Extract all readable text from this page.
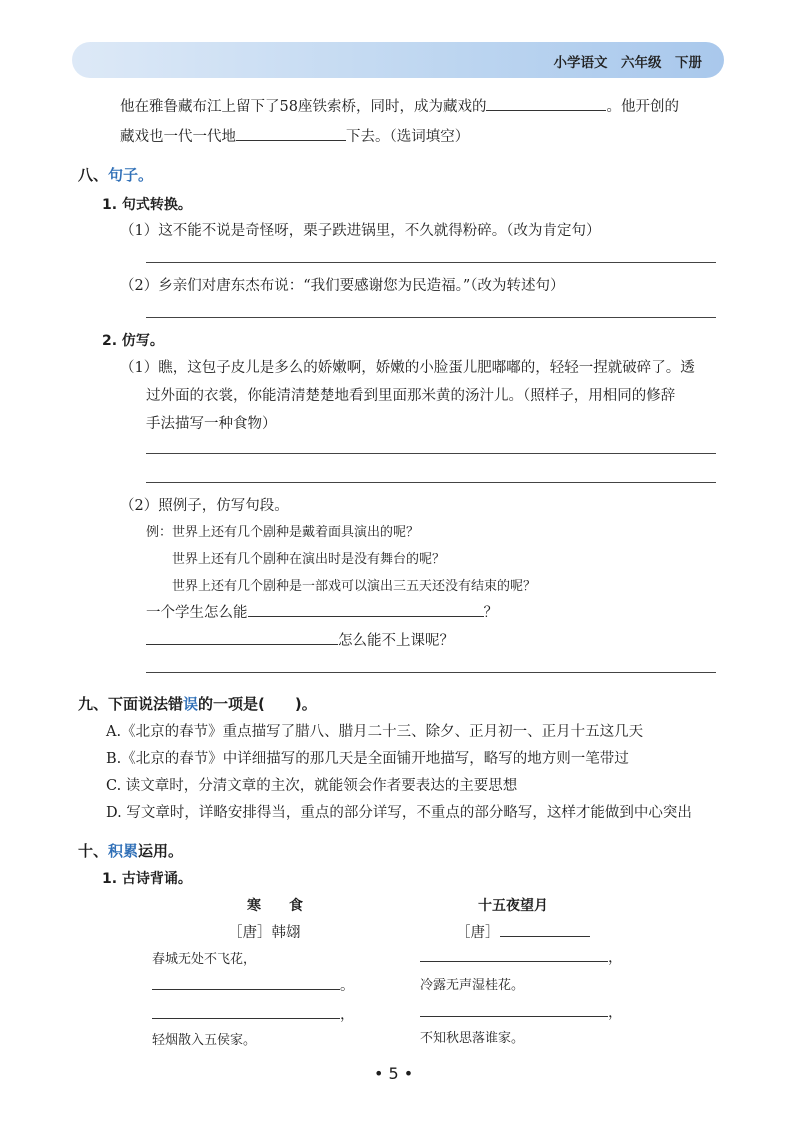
小学语文　六年级　下册
他在雅鲁藏布江上留下了58座铁索桥，同时，成为藏戏的	。他开创的
藏戏也一代一代地	下去。（选词填空）
八、句子。
1. 句式转换。
（1）这不能不说是奇怪呀，栗子跌进锅里，不久就得粉碎。（改为肯定句）
（2）乡亲们对唐东杰布说：“我们要感谢您为民造福。”（改为转述句）
2. 仿写。
（1）瞧，这包子皮儿是多么的娇嫩啊，娇嫩的小脸蛋儿肥嘟嘟的，轻轻一捏就破碎了。透
过外面的衣裳，你能清清楚楚地看到里面那米黄的汤汁儿。（照样子，用相同的修辞
手法描写一种食物）
（2）照例子，仿写句段。
例：世界上还有几个剧种是戴着面具演出的呢？
世界上还有几个剧种在演出时是没有舞台的呢？
世界上还有几个剧种是一部戏可以演出三五天还没有结束的呢？
一个学生怎么能	？
怎么能不上课呢？
九、下面说法错误的一项是(　　)。
A.《北京的春节》重点描写了腊八、腊月二十三、除夕、正月初一、正月十五这几天
B.《北京的春节》中详细描写的那几天是全面铺开地描写，略写的地方则一笔带过
C. 读文章时，分清文章的主次，就能领会作者要表达的主要思想
D. 写文章时，详略安排得当，重点的部分详写，不重点的部分略写，这样才能做到中心突出
十、积累运用。
1. 古诗背诵。
寒　　食
［唐］韩翃
春城无处不飞花，
。
，
轻烟散入五侯家。
十五夜望月
［唐］
，
冷露无声湿桂花。
，
不知秋思落谁家。
• 5 •
